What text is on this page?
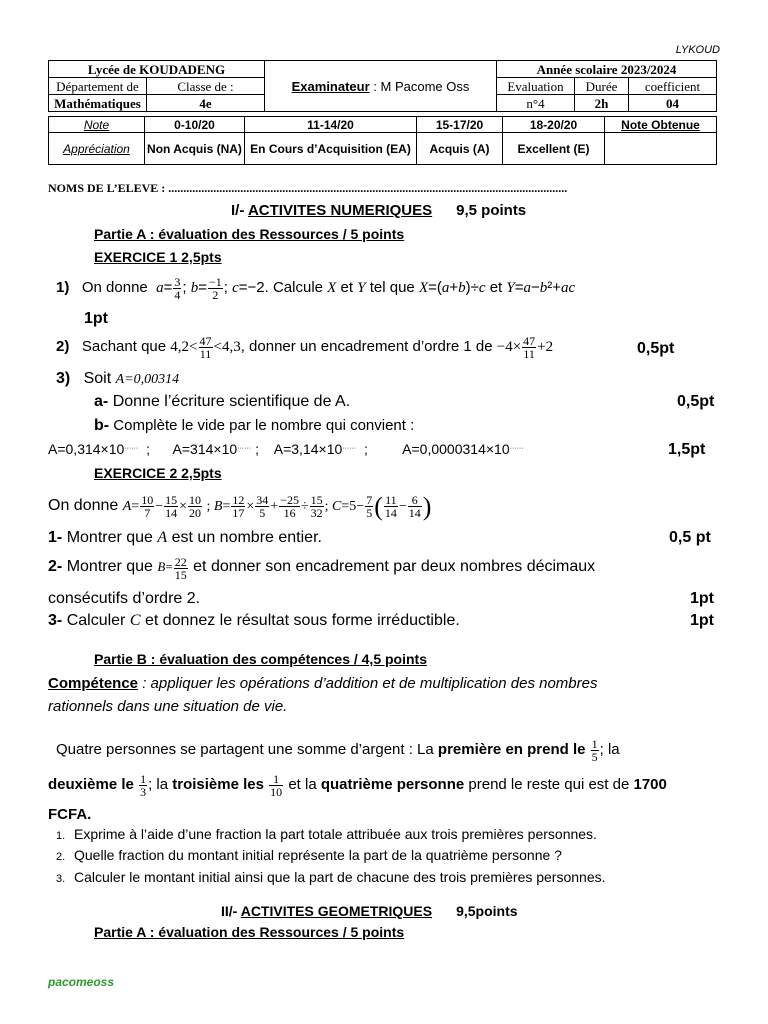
LYKOUD
Lycée de KOUDADENG		Examinateur : M Pacome Oss	Année scolaire 2023/2024		
Département de	Classe de :		Evaluation	Durée	coefficient
Mathématiques	4e		n°4	2h	04
Note	0-10/20	11-14/20	15-17/20	18-20/20	Note Obtenue
Appréciation	Non Acquis (NA)	En Cours d’Acquisition (EA)	Acquis (A)	Excellent (E)	
NOMS DE L’ELEVE : .....................................................................................................................................
I/- ACTIVITES NUMERIQUES 9,5 points
Partie A : évaluation des Ressources / 5 points
EXERCICE 1 2,5pts
1) On donne $a= \frac{3}{4}$ ; $b= \frac{-1}{2}$ ; c=−2. Calcule X et Y tel que X=(a+b)÷c et Y=a−b²+ac
1pt
2) Sachant que $4,2< \frac{47}{11} <4,3$, donner un encadrement d’ordre 1 de $-4\times \frac{47}{11} +2$	0,5pt
3) Soit A=0,00314
a- Donne l’écriture scientifique de A.	0,5pt
b- Complète le vide par le nombre qui convient :
A=0,314×10…… ; A=314×10…… ; A=3,14×10…… ; A=0,0000314×10……	1,5pt
EXERCICE 2 2,5pts
On donne $A= \frac{10}{7} - \frac{15}{14} \times \frac{10}{20}$ ; $B= \frac{12}{17} \times \frac{34}{5} + \frac{-25}{16} \div \frac{15}{32}$ ; $C=5- \frac{7}{5}$ ( $\frac{11}{14} - \frac{6}{14}$ )
1- Montrer que A est un nombre entier.	0,5 pt
2- Montrer que $B= \frac{22}{15}$ et donner son encadrement par deux nombres décimaux
consécutifs d’ordre 2.	1pt
3- Calculer C et donnez le résultat sous forme irréductible.	1pt
Partie B : évaluation des compétences / 4,5 points
Compétence : appliquer les opérations d’addition et de multiplication des nombres
rationnels dans une situation de vie.
Quatre personnes se partagent une somme d’argent : La première en prend le $\frac{1}{5}$ ; la
deuxième le $\frac{1}{3}$ ; la troisième les $\frac{1}{10}$ et la quatrième personne prend le reste qui est de 1700
FCFA.
1. Exprime à l’aide d’une fraction la part totale attribuée aux trois premières personnes.
2. Quelle fraction du montant initial représente la part de la quatrième personne ?
3. Calculer le montant initial ainsi que la part de chacune des trois premières personnes.
II/- ACTIVITES GEOMETRIQUES 9,5points
Partie A : évaluation des Ressources / 5 points
pacomeoss
